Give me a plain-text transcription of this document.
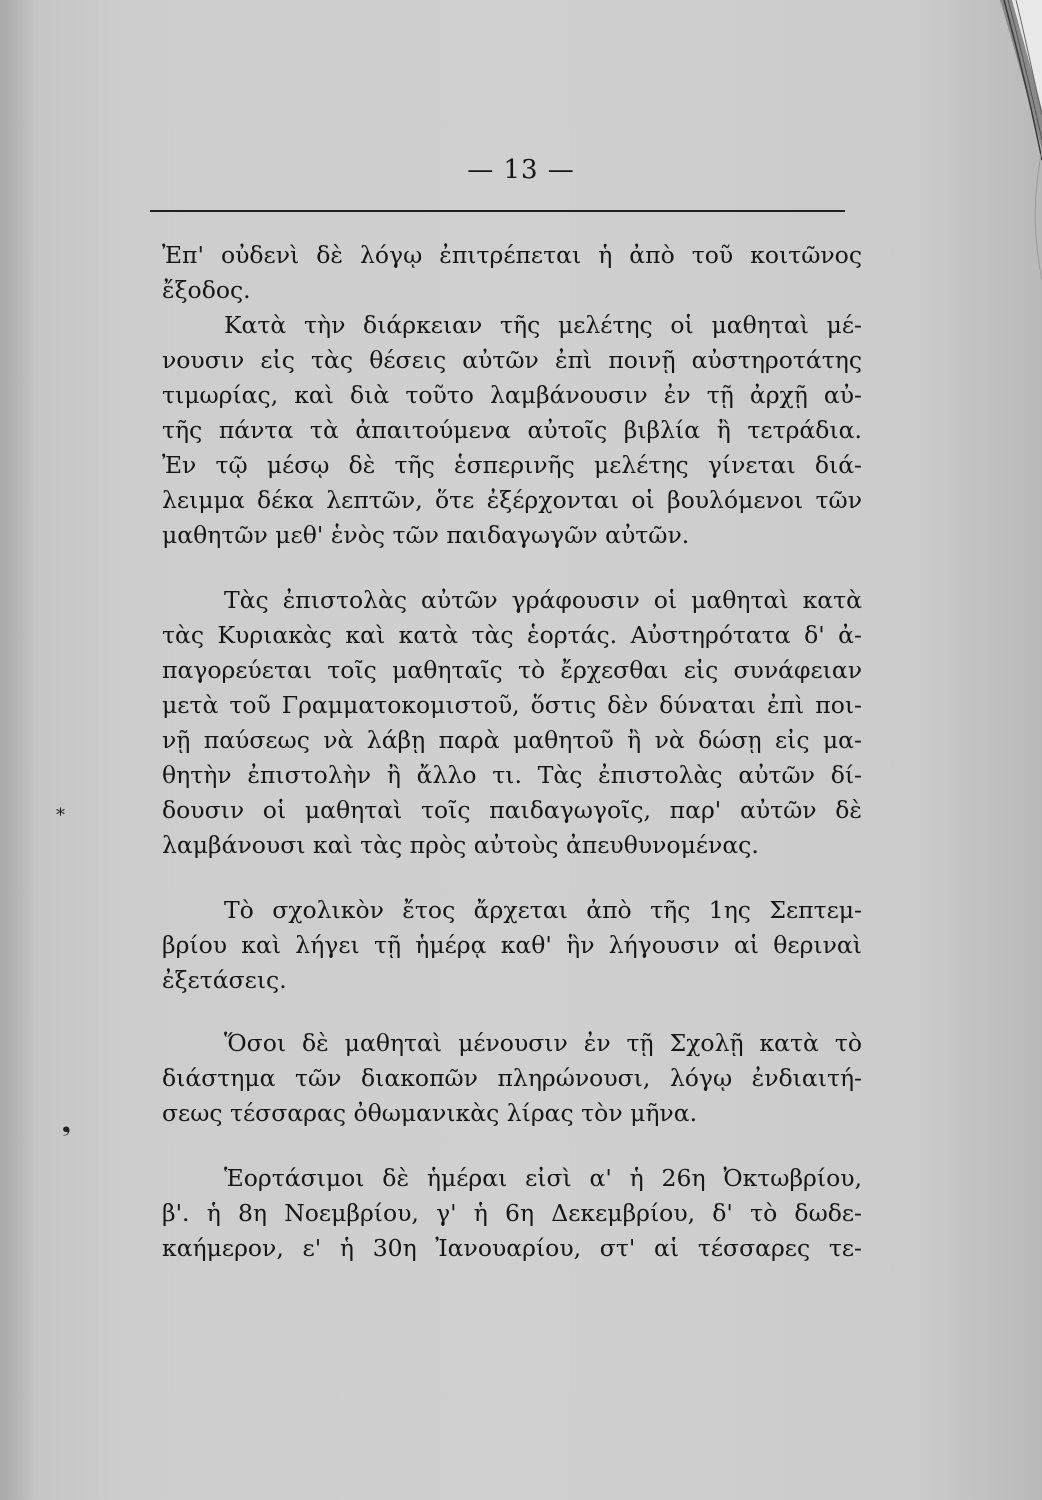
— 13 —
*
❟
Ἐπ' οὐδενὶ δὲ λόγῳ ἐπιτρέπεται ἡ ἀπὸ τοῦ κοιτῶνος
ἔξοδος.
Κατὰ τὴν διάρκειαν τῆς μελέτης οἱ μαθηταὶ μέ-
νουσιν εἰς τὰς θέσεις αὐτῶν ἐπὶ ποινῇ αὐστηροτάτης
τιμωρίας, καὶ διὰ τοῦτο λαμβάνουσιν ἐν τῇ ἀρχῇ αὐ-
τῆς πάντα τὰ ἀπαιτούμενα αὐτοῖς βιβλία ἢ τετράδια.
Ἐν τῷ μέσῳ δὲ τῆς ἑσπερινῆς μελέτης γίνεται διά-
λειμμα δέκα λεπτῶν, ὅτε ἐξέρχονται οἱ βουλόμενοι τῶν
μαθητῶν μεθ' ἑνὸς τῶν παιδαγωγῶν αὐτῶν.
Τὰς ἐπιστολὰς αὐτῶν γράφουσιν οἱ μαθηταὶ κατὰ
τὰς Κυριακὰς καὶ κατὰ τὰς ἑορτάς. Αὐστηρότατα δ' ἀ-
παγορεύεται τοῖς μαθηταῖς τὸ ἔρχεσθαι εἰς συνάφειαν
μετὰ τοῦ Γραμματοκομιστοῦ, ὅστις δὲν δύναται ἐπὶ ποι-
νῇ παύσεως νὰ λάβῃ παρὰ μαθητοῦ ἢ νὰ δώσῃ εἰς μα-
θητὴν ἐπιστολὴν ἢ ἄλλο τι. Τὰς ἐπιστολὰς αὐτῶν δί-
δουσιν οἱ μαθηταὶ τοῖς παιδαγωγοῖς, παρ' αὐτῶν δὲ
λαμβάνουσι καὶ τὰς πρὸς αὐτοὺς ἀπευθυνομένας.
Τὸ σχολικὸν ἔτος ἄρχεται ἀπὸ τῆς 1ης Σεπτεμ-
βρίου καὶ λήγει τῇ ἡμέρᾳ καθ' ἣν λήγουσιν αἱ θεριναὶ
ἐξετάσεις.
Ὅσοι δὲ μαθηταὶ μένουσιν ἐν τῇ Σχολῇ κατὰ τὸ
διάστημα τῶν διακοπῶν πληρώνουσι, λόγῳ ἐνδιαιτή-
σεως τέσσαρας ὀθωμανικὰς λίρας τὸν μῆνα.
Ἑορτάσιμοι δὲ ἡμέραι εἰσὶ α' ἡ 26η Ὀκτωβρίου,
β'. ἡ 8η Νοεμβρίου, γ' ἡ 6η Δεκεμβρίου, δ' τὸ δωδε-
καήμερον, ε' ἡ 30η Ἰανουαρίου, στ' αἱ τέσσαρες τε-
